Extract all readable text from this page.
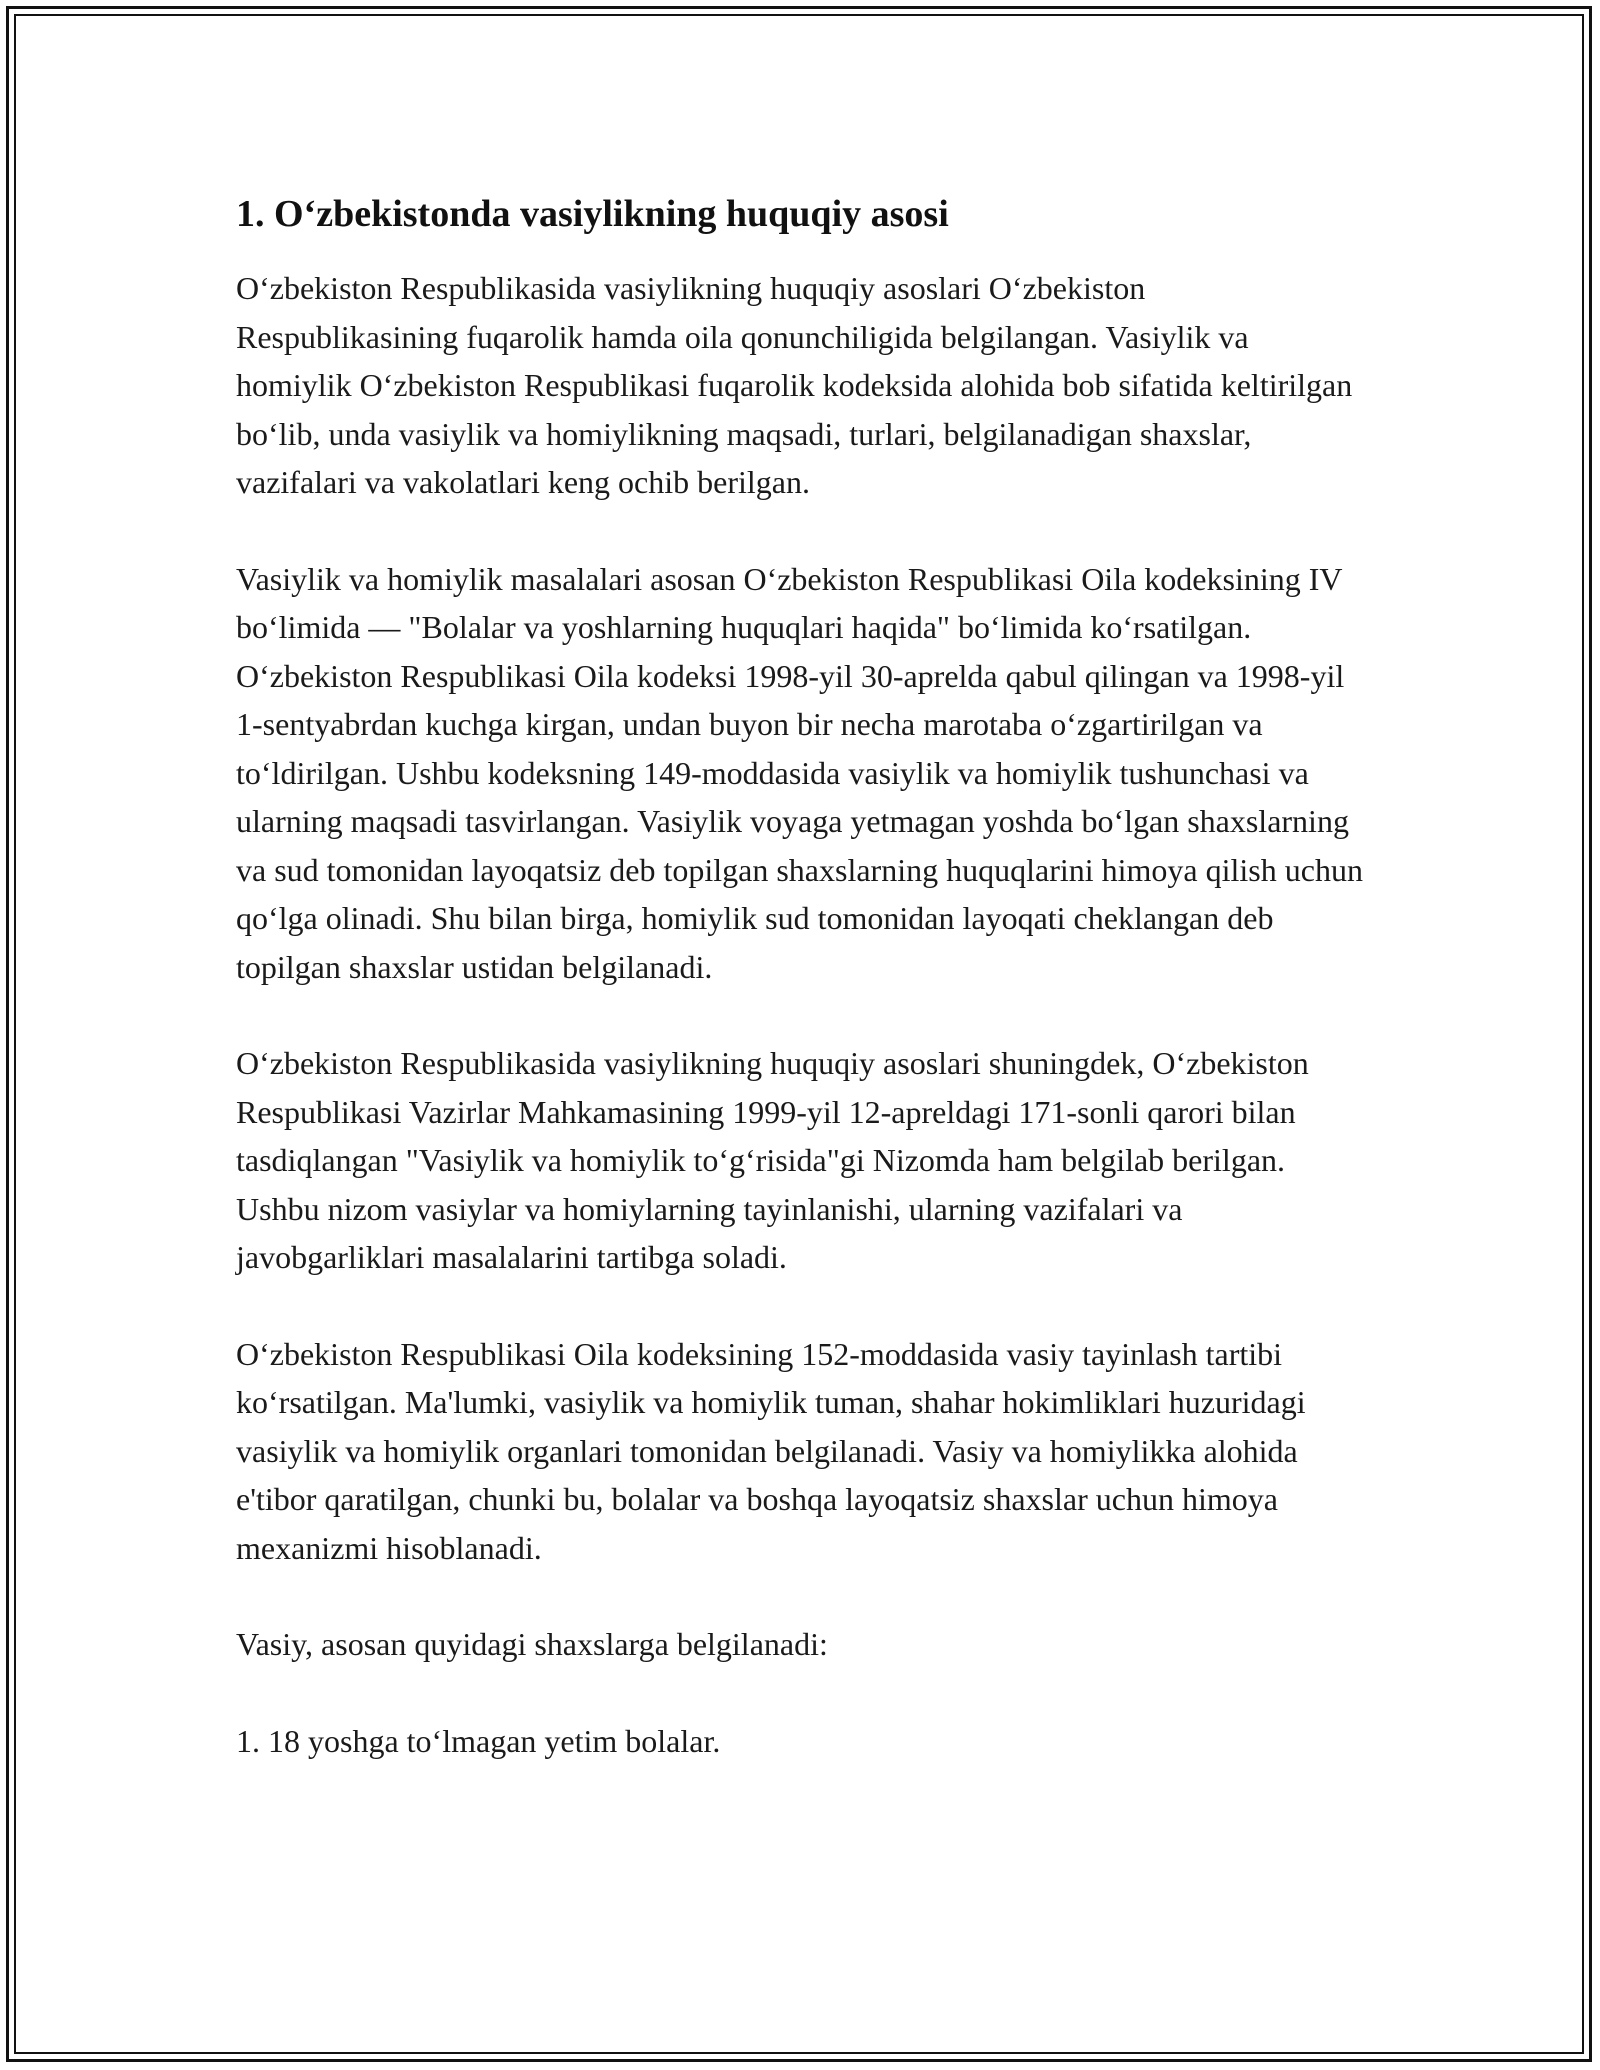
1. O‘zbekistonda vasiylikning huquqiy asosi

O‘zbekiston Respublikasida vasiylikning huquqiy asoslari O‘zbekiston Respublikasining fuqarolik hamda oila qonunchiligida belgilangan. Vasiylik va homiylik O‘zbekiston Respublikasi fuqarolik kodeksida alohida bob sifatida keltirilgan bo‘lib, unda vasiylik va homiylikning maqsadi, turlari, belgilanadigan shaxslar, vazifalari va vakolatlari keng ochib berilgan.

Vasiylik va homiylik masalalari asosan O‘zbekiston Respublikasi Oila kodeksining IV bo‘limida — "Bolalar va yoshlarning huquqlari haqida" bo‘limida ko‘rsatilgan. O‘zbekiston Respublikasi Oila kodeksi 1998-yil 30-aprelda qabul qilingan va 1998-yil 1-sentyabrdan kuchga kirgan, undan buyon bir necha marotaba o‘zgartirilgan va to‘ldirilgan. Ushbu kodeksning 149-moddasida vasiylik va homiylik tushunchasi va ularning maqsadi tasvirlangan. Vasiylik voyaga yetmagan yoshda bo‘lgan shaxslarning va sud tomonidan layoqatsiz deb topilgan shaxslarning huquqlarini himoya qilish uchun qo‘lga olinadi. Shu bilan birga, homiylik sud tomonidan layoqati cheklangan deb topilgan shaxslar ustidan belgilanadi.

O‘zbekiston Respublikasida vasiylikning huquqiy asoslari shuningdek, O‘zbekiston Respublikasi Vazirlar Mahkamasining 1999-yil 12-apreldagi 171-sonli qarori bilan tasdiqlangan "Vasiylik va homiylik to‘g‘risida"gi Nizomda ham belgilab berilgan. Ushbu nizom vasiylar va homiylarning tayinlanishi, ularning vazifalari va javobgarliklari masalalarini tartibga soladi.

O‘zbekiston Respublikasi Oila kodeksining 152-moddasida vasiy tayinlash tartibi ko‘rsatilgan. Ma'lumki, vasiylik va homiylik tuman, shahar hokimliklari huzuridagi vasiylik va homiylik organlari tomonidan belgilanadi. Vasiy va homiylikka alohida e'tibor qaratilgan, chunki bu, bolalar va boshqa layoqatsiz shaxslar uchun himoya mexanizmi hisoblanadi.

Vasiy, asosan quyidagi shaxslarga belgilanadi:

1. 18 yoshga to‘lmagan yetim bolalar.
